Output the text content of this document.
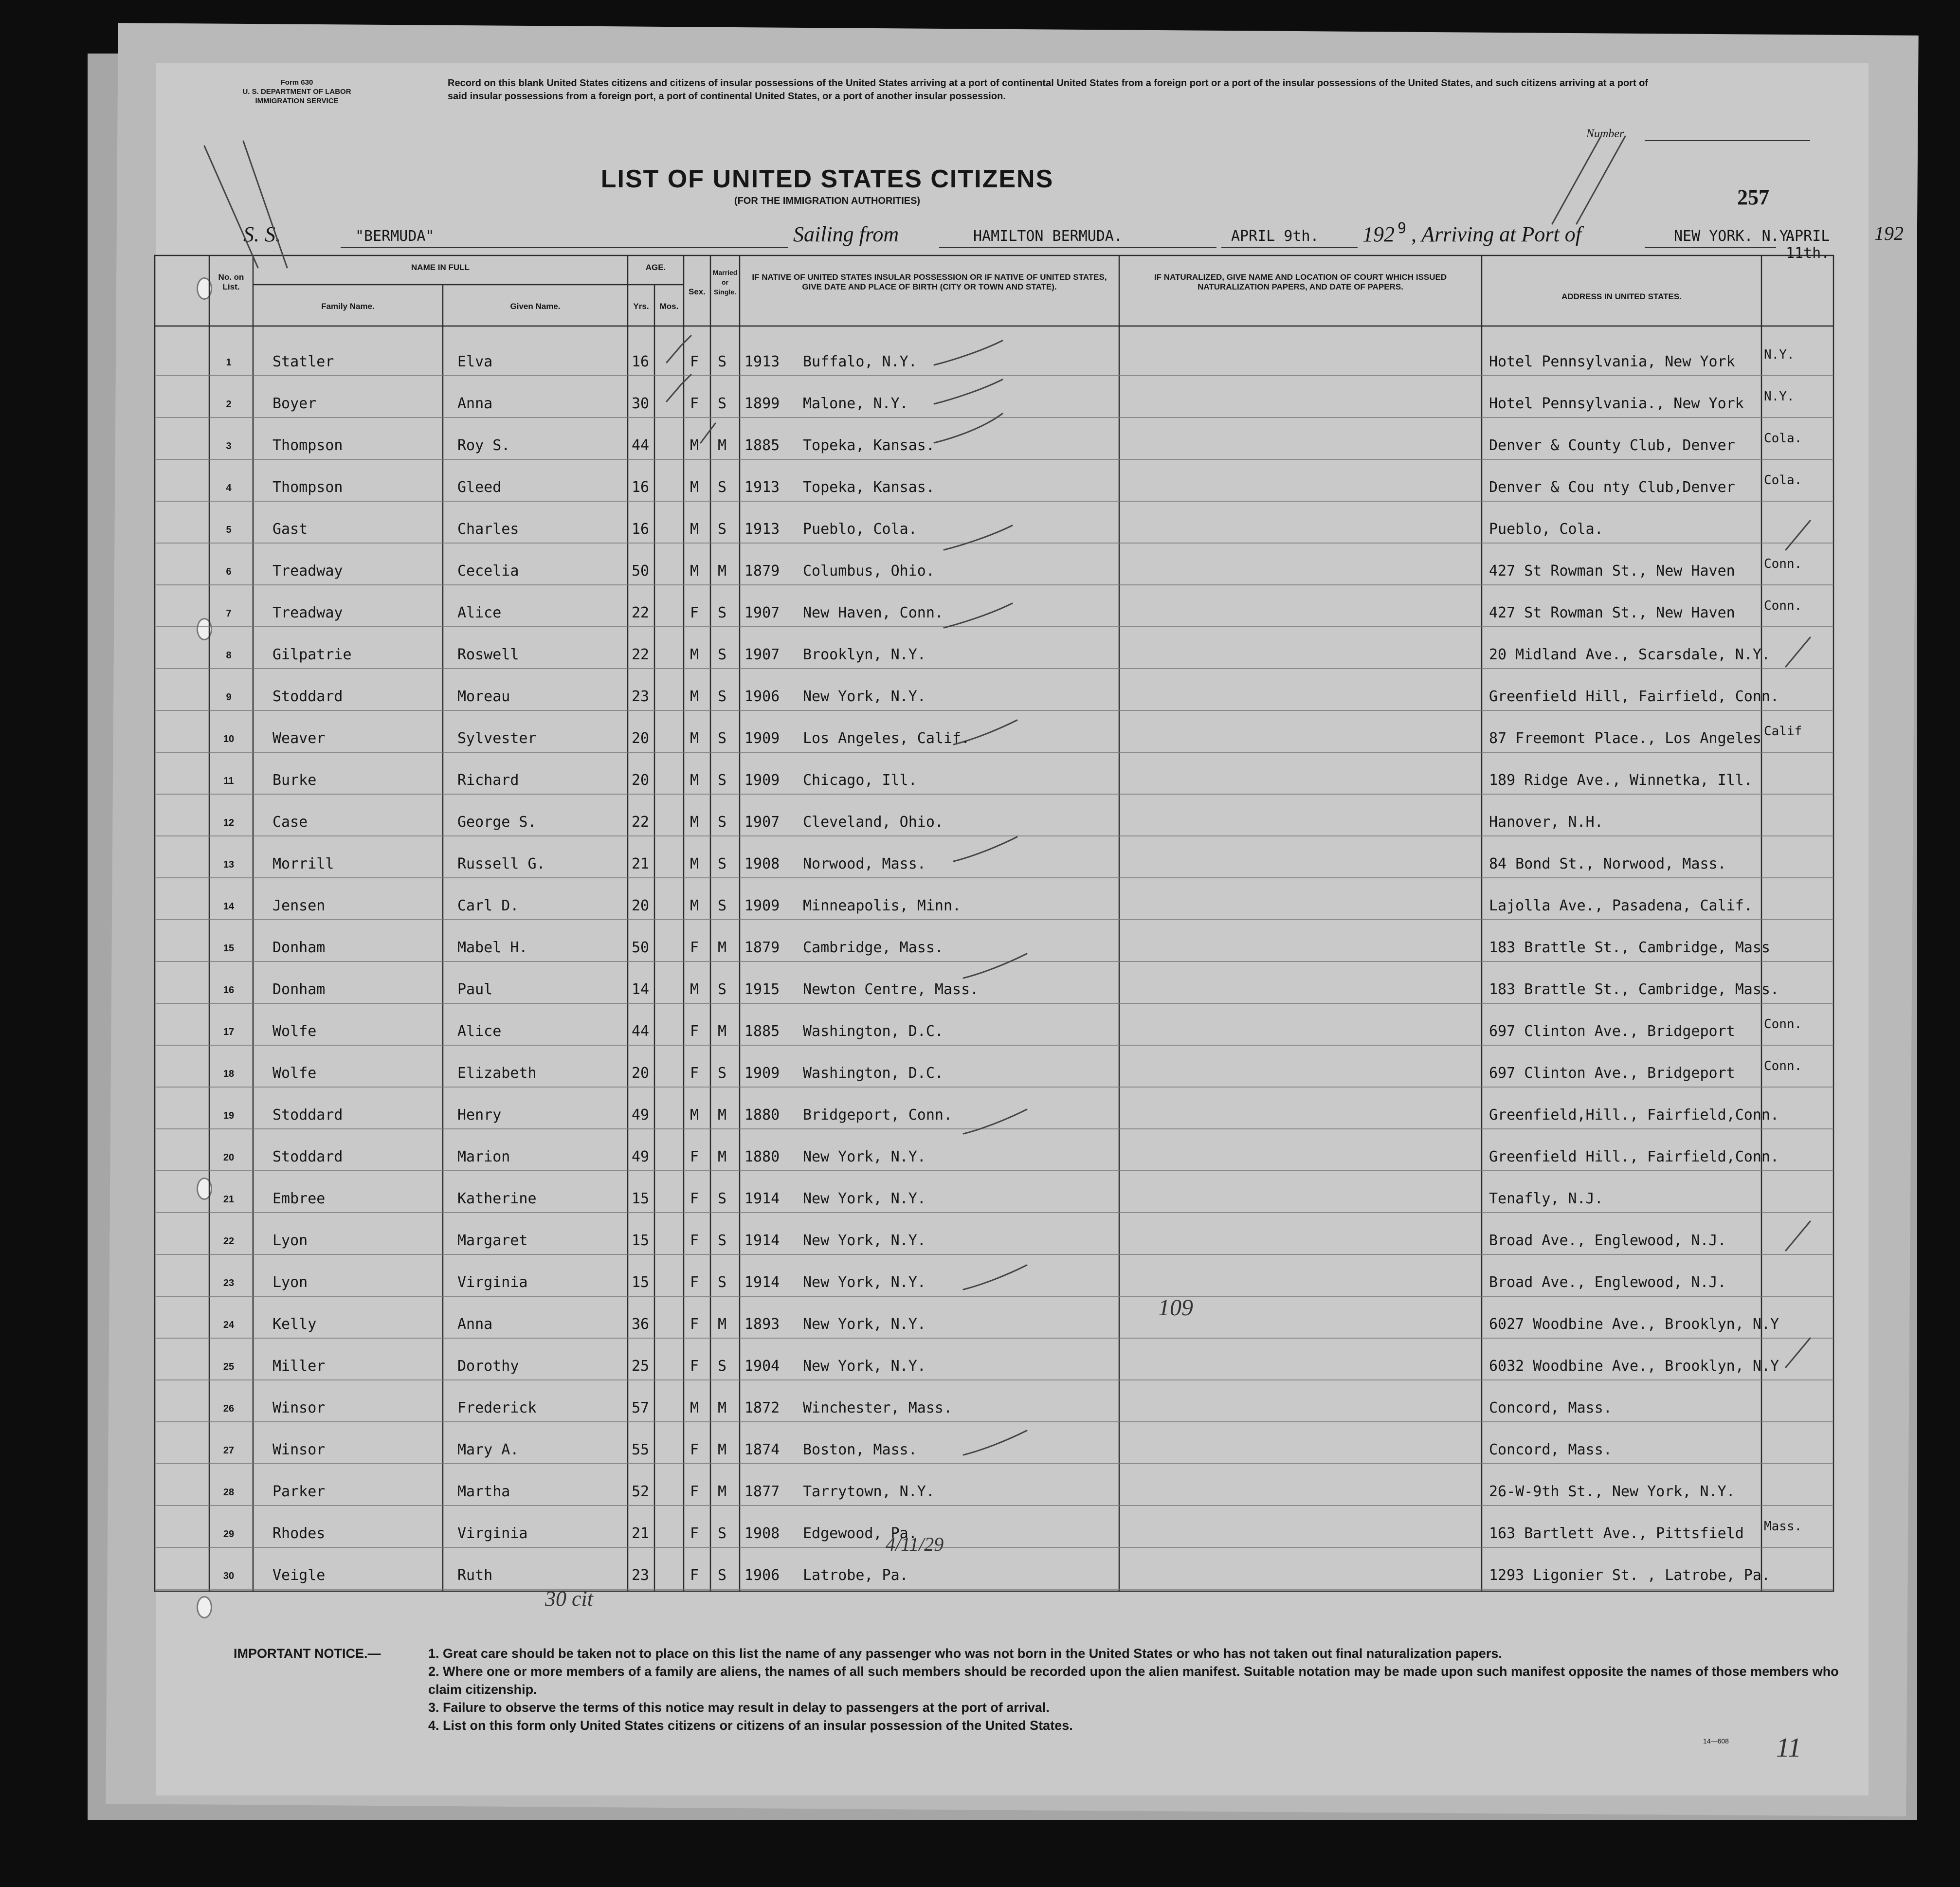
Form 630
U. S. DEPARTMENT OF LABOR
IMMIGRATION SERVICE
Record on this blank United States citizens and citizens of insular possessions of the United States arriving at a port of continental United States from a foreign port or a port of the insular possessions of the United States, and such citizens arriving at a port of said insular possessions from a foreign port, a port of continental United States, or a port of another insular possession.
Number
LIST OF UNITED STATES CITIZENS
(FOR THE IMMIGRATION AUTHORITIES)	257
S. S.	"BERMUDA"	Sailing from	HAMILTON BERMUDA.	APRIL 9th. 192 9 , Arriving at Port of	NEW YORK. N.Y.
APRIL 11th.
192
No. on List.
NAME IN FULL
Family Name.	Given Name.
AGE.
Yrs.	Mos.
Sex.
Married or Single.
IF NATIVE OF UNITED STATES INSULAR POSSESSION OR IF NATIVE OF UNITED STATES, GIVE DATE AND PLACE OF BIRTH (CITY OR TOWN AND STATE).
IF NATURALIZED, GIVE NAME AND LOCATION OF COURT WHICH ISSUED NATURALIZATION PAPERS, AND DATE OF PAPERS.
ADDRESS IN UNITED STATES.
1	Statler	Elva	16	F S 1913 Buffalo, N.Y.	Hotel Pennsylvania, New York N.Y.
2	Boyer	Anna	30	F S 1899 Malone, N.Y.	Hotel Pennsylvania., New York N.Y.
3	Thompson	Roy S.	44	M M 1885 Topeka, Kansas.	Denver & County Club, Denver Cola.
4	Thompson	Gleed	16	M S 1913 Topeka, Kansas.	Denver & Cou nty Club,Denver Cola.
5	Gast	Charles	16	M S 1913 Pueblo, Cola.	Pueblo, Cola.
6	Treadway	Cecelia	50	M M 1879 Columbus, Ohio.	427 St Rowman St., New Haven Conn.
7	Treadway	Alice	22	F S 1907 New Haven, Conn.	427 St Rowman St., New Haven Conn.
8	Gilpatrie	Roswell	22	M S 1907 Brooklyn, N.Y.	20 Midland Ave., Scarsdale, N.Y.
9	Stoddard	Moreau	23	M S 1906 New York, N.Y.	Greenfield Hill, Fairfield, Conn.
10	Weaver	Sylvester	20	M S 1909 Los Angeles, Calif.	87 Freemont Place., Los Angeles Calif
11	Burke	Richard	20	M S 1909 Chicago, Ill.	189 Ridge Ave., Winnetka, Ill.
12	Case	George S.	22	M S 1907 Cleveland, Ohio.	Hanover, N.H.
13	Morrill	Russell G.	21	M S 1908 Norwood, Mass.	84 Bond St., Norwood, Mass.
14	Jensen	Carl D.	20	M S 1909 Minneapolis, Minn.	Lajolla Ave., Pasadena, Calif.
15	Donham	Mabel H.	50	F M 1879 Cambridge, Mass.	183 Brattle St., Cambridge, Mass
16	Donham	Paul	14	M S 1915 Newton Centre, Mass.	183 Brattle St., Cambridge, Mass.
17	Wolfe	Alice	44	F M 1885 Washington, D.C.	697 Clinton Ave., Bridgeport Conn.
18	Wolfe	Elizabeth	20	F S 1909 Washington, D.C.	697 Clinton Ave., Bridgeport Conn.
19	Stoddard	Henry	49	M M 1880 Bridgeport, Conn.	Greenfield,Hill., Fairfield,Conn.
20	Stoddard	Marion	49	F M 1880 New York, N.Y.	Greenfield Hill., Fairfield,Conn.
21	Embree	Katherine	15	F S 1914 New York, N.Y.	Tenafly, N.J.
22	Lyon	Margaret	15	F S 1914 New York, N.Y.	Broad Ave., Englewood, N.J.
23	Lyon	Virginia	15	F S 1914 New York, N.Y.	Broad Ave., Englewood, N.J.
24	Kelly	Anna	36	F M 1893 New York, N.Y.	6027 Woodbine Ave., Brooklyn, N.Y
25	Miller	Dorothy	25	F S 1904 New York, N.Y.	6032 Woodbine Ave., Brooklyn, N.Y
26	Winsor	Frederick	57	M M 1872 Winchester, Mass.	Concord, Mass.
27	Winsor	Mary A.	55	F M 1874 Boston, Mass.	Concord, Mass.
28	Parker	Martha	52	F M 1877 Tarrytown, N.Y.	26-W-9th St., New York, N.Y.
29	Rhodes	Virginia	21	F S 1908 Edgewood, Pa.	163 Bartlett Ave., Pittsfield Mass.
30	Veigle	Ruth	23	F S 1906 Latrobe, Pa.	1293 Ligonier St. , Latrobe, Pa.
30 cit
4/11/29
109
11
IMPORTANT NOTICE.—	1. Great care should be taken not to place on this list the name of any passenger who was not born in the United States or who has not taken out final naturalization papers.
2. Where one or more members of a family are aliens, the names of all such members should be recorded upon the alien manifest. Suitable notation may be made upon such manifest opposite the names of those members who claim citizenship.
3. Failure to observe the terms of this notice may result in delay to passengers at the port of arrival.
4. List on this form only United States citizens or citizens of an insular possession of the United States.
14—608
